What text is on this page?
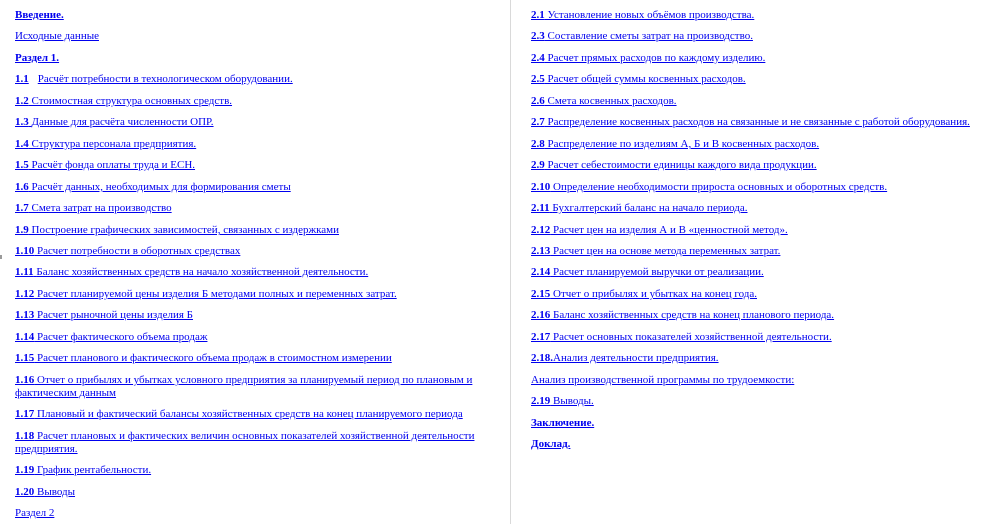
Введение.
Исходные данные
Раздел 1.
1.1 Расчёт потребности в технологическом оборудовании.
1.2 Стоимостная структура основных средств.
1.3 Данные для расчёта численности ОПР.
1.4 Структура персонала предприятия.
1.5 Расчёт фонда оплаты труда и ЕСН.
1.6 Расчёт данных, необходимых для формирования сметы
1.7 Смета затрат на производство
1.9 Построение графических зависимостей, связанных с издержками
1.10 Расчет потребности в оборотных средствах
1.11 Баланс хозяйственных средств на начало хозяйственной деятельности.
1.12 Расчет планируемой цены изделия Б методами полных и переменных затрат.
1.13 Расчет рыночной цены изделия Б
1.14 Расчет фактического объема продаж
1.15 Расчет планового и фактического объема продаж в стоимостном измерении
1.16 Отчет о прибылях и убытках условного предприятия за планируемый период по плановым и фактическим данным
1.17 Плановый и фактический балансы хозяйственных средств на конец планируемого периода
1.18 Расчет плановых и фактических величин основных показателей хозяйственной деятельности предприятия.
1.19 График рентабельности.
1.20 Выводы
Раздел 2
2.1 Установление новых объёмов производства.
2.3 Составление сметы затрат на производство.
2.4 Расчет прямых расходов по каждому изделию.
2.5 Расчет общей суммы косвенных расходов.
2.6 Смета косвенных расходов.
2.7 Распределение косвенных расходов на связанные и не связанные с работой оборудования.
2.8 Распределение по изделиям А, Б и В косвенных расходов.
2.9 Расчет себестоимости единицы каждого вида продукции.
2.10 Определение необходимости прироста основных и оборотных средств.
2.11 Бухгалтерский баланс на начало периода.
2.12 Расчет цен на изделия А и В «ценностной метод».
2.13 Расчет цен на основе метода переменных затрат.
2.14 Расчет планируемой выручки от реализации.
2.15 Отчет о прибылях и убытках на конец года.
2.16 Баланс хозяйственных средств на конец планового периода.
2.17 Расчет основных показателей хозяйственной деятельности.
2.18.Анализ деятельности предприятия.
Анализ производственной программы по трудоемкости:
2.19 Выводы.
Заключение.
Доклад.
